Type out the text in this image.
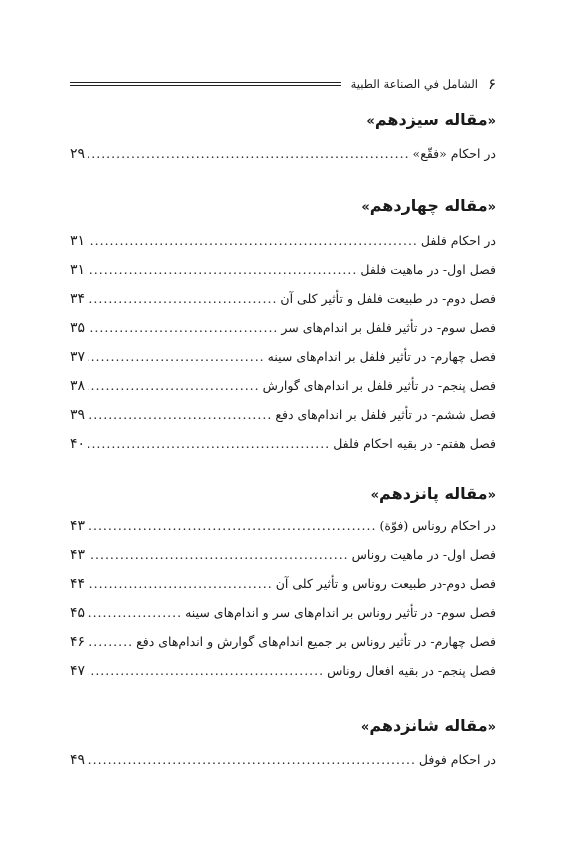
۶
الشامل في الصناعة الطبية
«مقاله سیزدهم»
در احکام «فقّع»
.....
۲۹
«مقاله چهاردهم»
در احکام فلفل
.....
۳۱
فصل اول- در ماهیت فلفل
.....
۳۱
فصل دوم- در طبیعت فلفل و تأثیر کلی آن
.....
۳۴
فصل سوم- در تأثیر فلفل بر اندام‌های سر
.....
۳۵
فصل چهارم- در تأثیر فلفل بر اندام‌های سینه
.....
۳۷
فصل پنجم- در تأثیر فلفل بر اندام‌های گوارش
.....
۳۸
فصل ششم- در تأثیر فلفل بر اندام‌های دفع
.....
۳۹
فصل هفتم- در بقیه احکام فلفل
.....
۴۰
«مقاله پانزدهم»
در احکام روناس (فوّة)
.....
۴۳
فصل اول- در ماهیت روناس
.....
۴۳
فصل دوم-در طبیعت روناس و تأثیر کلی آن
.....
۴۴
فصل سوم- در تأثیر روناس بر اندام‌های سر و اندام‌های سینه
.....
۴۵
فصل چهارم- در تأثیر روناس بر جمیع اندام‌های گوارش و اندام‌های دفع
.....
۴۶
فصل پنجم- در بقیه افعال روناس
.....
۴۷
«مقاله شانزدهم»
در احکام فوفل
.....
۴۹
